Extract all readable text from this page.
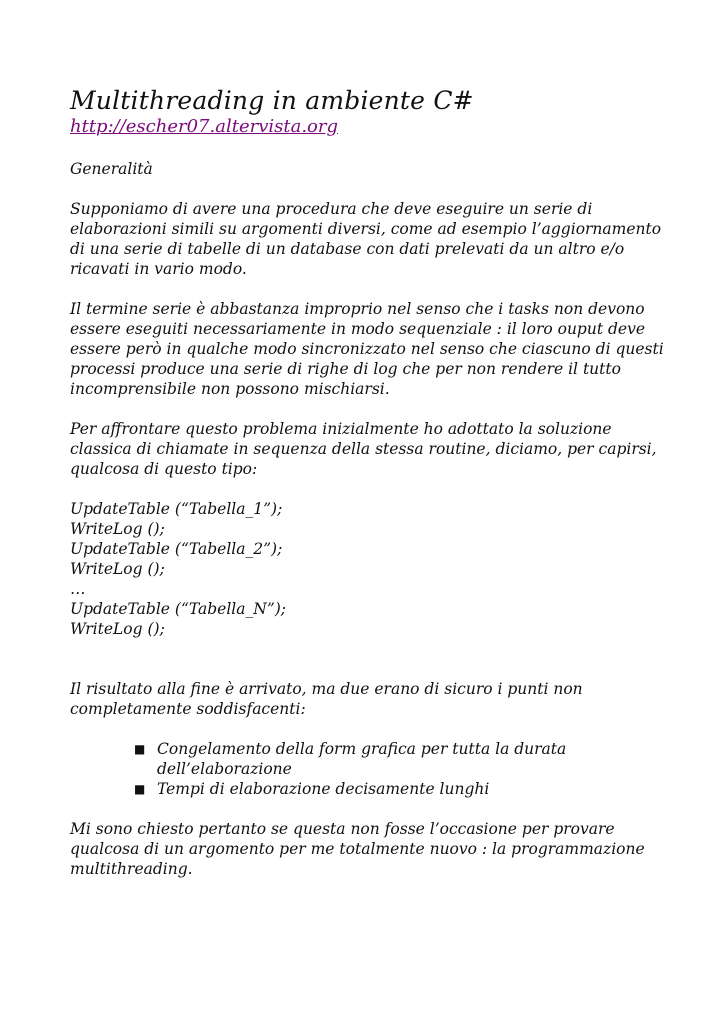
Multithreading in ambiente C#
http://escher07.altervista.org
Generalità

Supponiamo di avere una procedura che deve eseguire un serie di elaborazioni simili su argomenti diversi, come ad esempio l’aggiornamento di una serie di tabelle di un database con dati prelevati da un altro e/o ricavati in vario modo.

Il termine serie è abbastanza improprio nel senso che i tasks non devono essere eseguiti necessariamente in modo sequenziale : il loro ouput deve essere però in qualche modo sincronizzato nel senso che ciascuno di questi processi produce una serie di righe di log che per non rendere il tutto incomprensibile non possono mischiarsi.

Per affrontare questo problema inizialmente ho adottato la soluzione classica di chiamate in sequenza della stessa routine, diciamo, per capirsi, qualcosa di questo tipo:

UpdateTable (“Tabella_1”);
WriteLog ();
UpdateTable (“Tabella_2”);
WriteLog ();
…
UpdateTable (“Tabella_N”);
WriteLog ();

Il risultato alla fine è arrivato, ma due erano di sicuro i punti non completamente soddisfacenti:

■ Congelamento della form grafica per tutta la durata dell’elaborazione
■ Tempi di elaborazione decisamente lunghi

Mi sono chiesto pertanto se questa non fosse l’occasione per provare qualcosa di un argomento per me totalmente nuovo : la programmazione multithreading.
